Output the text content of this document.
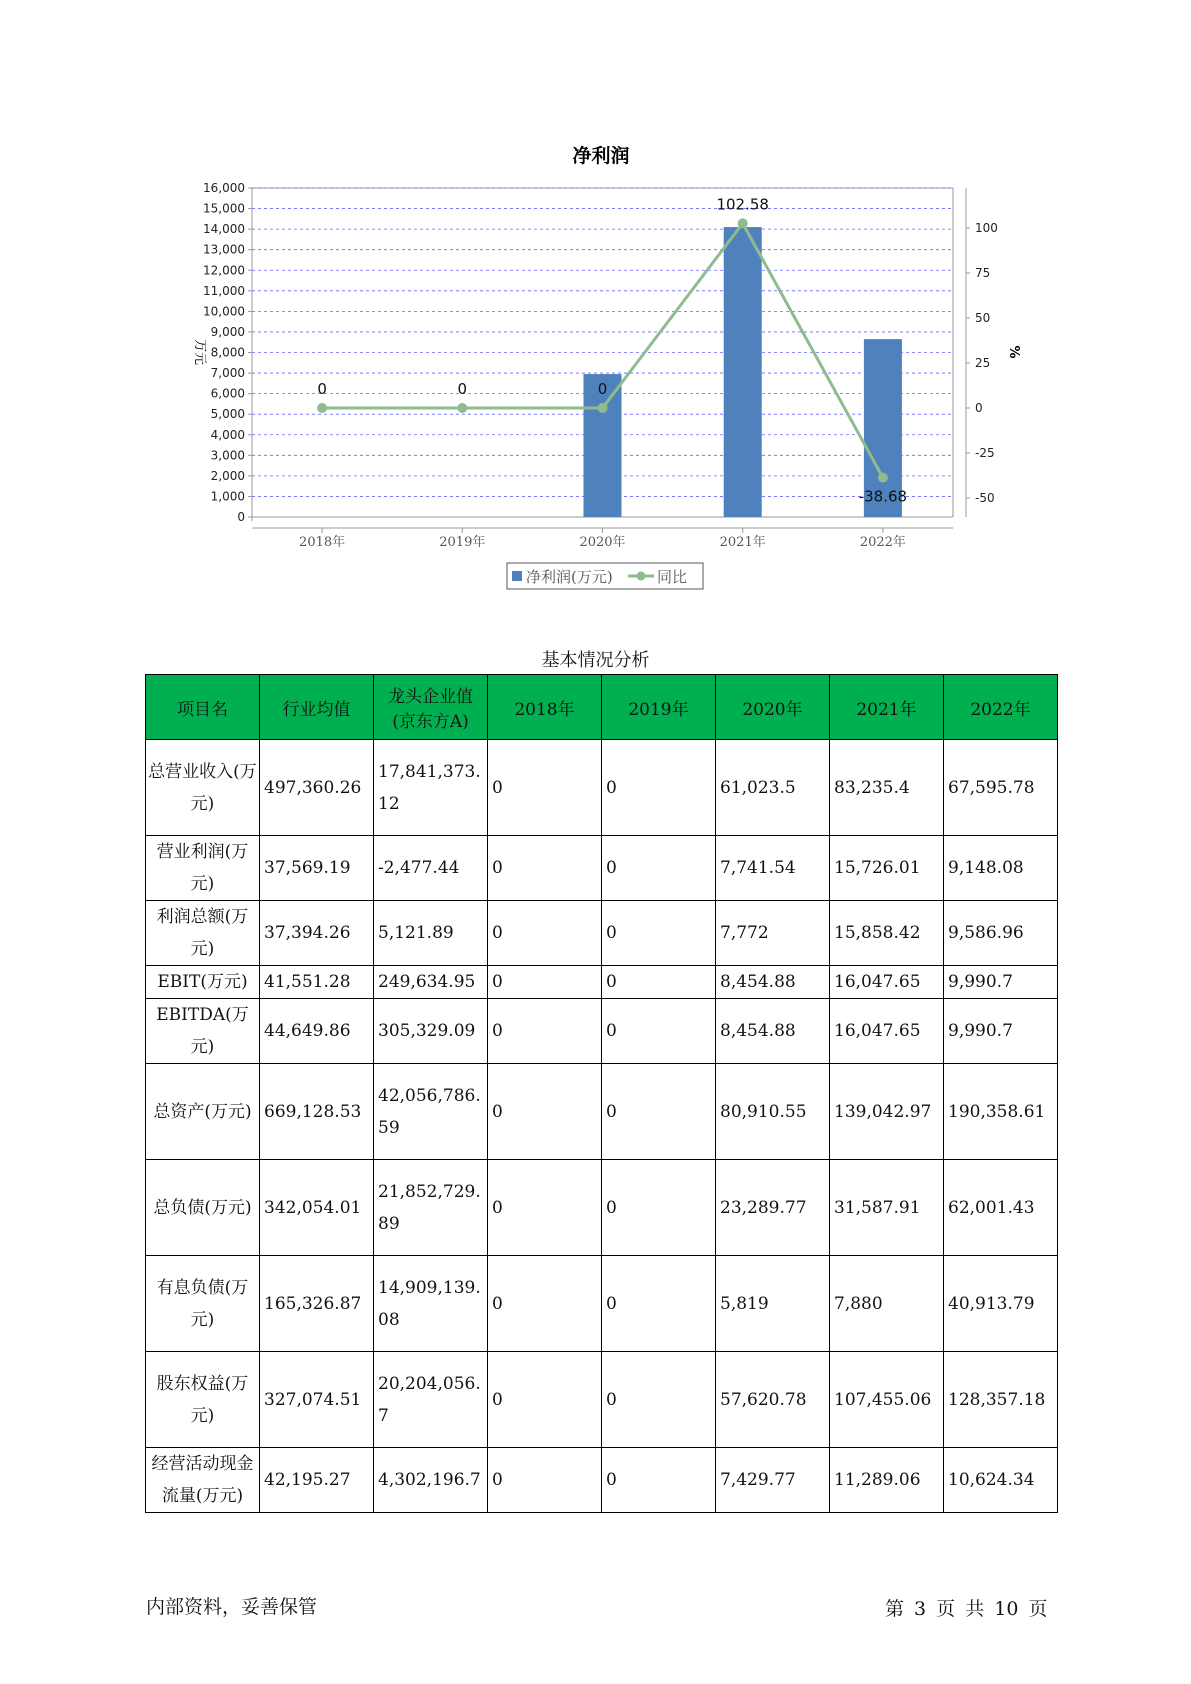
净利润
0
1,000
2,000
3,000
4,000
5,000
6,000
7,000
8,000
9,000
10,000
11,000
12,000
13,000
14,000
15,000
16,000
万元
100
75
50
25
0
-25
-50
%
2018年	2019年	2020年	2021年	2022年
0	0	0
102.58
-38.68
净利润(万元)	同比
基本情况分析
项目名	行业均值	龙头企业值(京东方A)	2018年	2019年	2020年	2021年	2022年
总营业收入(万元)	497,360.26	17,841,373.12	0	0	61,023.5	83,235.4	67,595.78
营业利润(万元)	37,569.19	-2,477.44	0	0	7,741.54	15,726.01	9,148.08
利润总额(万元)	37,394.26	5,121.89	0	0	7,772	15,858.42	9,586.96
EBIT(万元)	41,551.28	249,634.95	0	0	8,454.88	16,047.65	9,990.7
EBITDA(万元)	44,649.86	305,329.09	0	0	8,454.88	16,047.65	9,990.7
总资产(万元)	669,128.53	42,056,786.59	0	0	80,910.55	139,042.97	190,358.61
总负债(万元)	342,054.01	21,852,729.89	0	0	23,289.77	31,587.91	62,001.43
有息负债(万元)	165,326.87	14,909,139.08	0	0	5,819	7,880	40,913.79
股东权益(万元)	327,074.51	20,204,056.7	0	0	57,620.78	107,455.06	128,357.18
经营活动现金流量(万元)	42,195.27	4,302,196.7	0	0	7,429.77	11,289.06	10,624.34
内部资料，妥善保管	第 3 页 共 10 页
